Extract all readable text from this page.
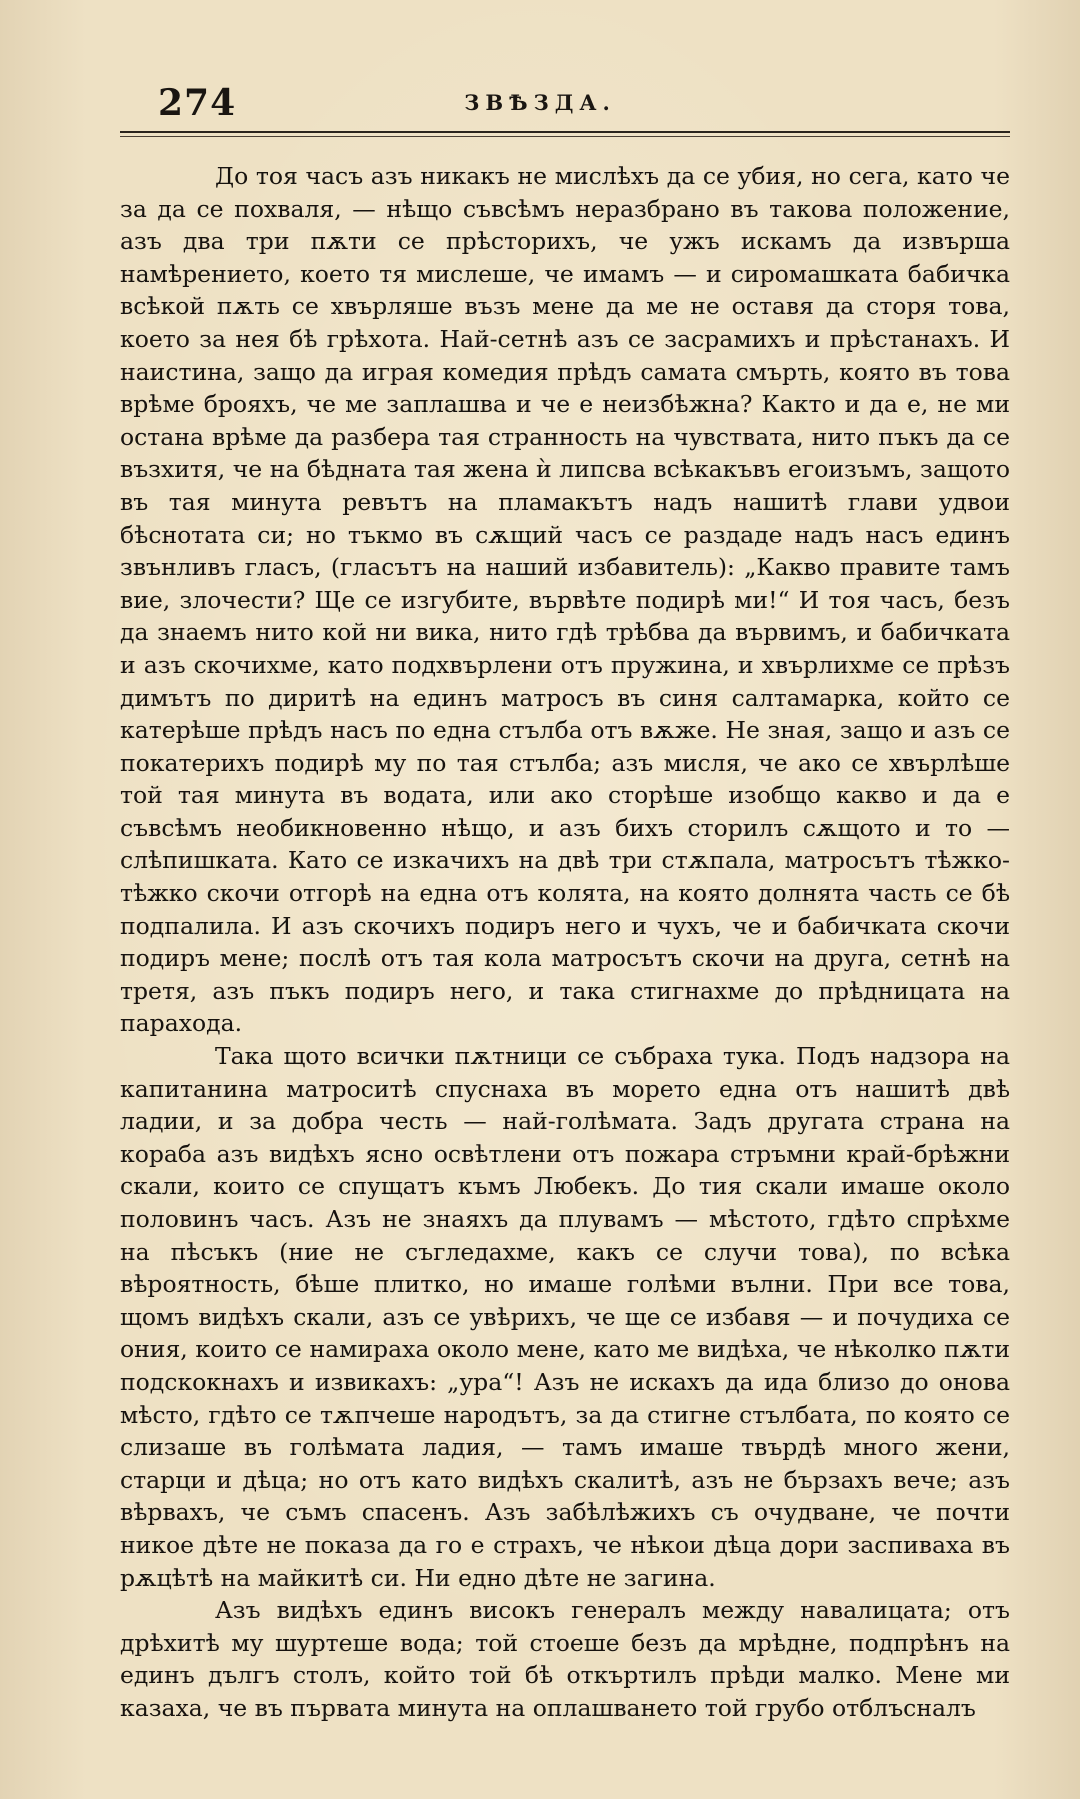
274	ЗВѢЗДА.

До тоя часъ азъ никакъ не мислѣхъ да се убия, но сега, като че за да се похваля, — нѣщо съвсѣмъ неразбрано въ такова положение, азъ два три пѫти се прѣсторихъ, че ужъ искамъ да извърша намѣрението, което тя мислеше, че имамъ — и сиромашката бабичка всѣкой пѫть се хвърляше възъ мене да ме не оставя да сторя това, което за нея бѣ грѣхота. Най-сетнѣ азъ се засрамихъ и прѣстанахъ. И наистина, защо да играя комедия прѣдъ самата смърть, която въ това врѣме брояхъ, че ме заплашва и че е неизбѣжна? Както и да е, не ми остана врѣме да разбера тая странность на чувствата, нито пъкъ да се възхитя, че на бѣдната тая жена ѝ липсва всѣкакъвъ егоизъмъ, защото въ тая минута ревътъ на пламакътъ надъ нашитѣ глави удвои бѣснотата си; но тъкмо въ сѫщий часъ се раздаде надъ насъ единъ звънливъ гласъ, (гласътъ на наший избавитель): „Какво правите тамъ вие, злочести? Ще се изгубите, вървѣте подирѣ ми!“ И тоя часъ, безъ да знаемъ нито кой ни вика, нито гдѣ трѣбва да вървимъ, и бабичката и азъ скочихме, като подхвърлени отъ пружина, и хвърлихме се прѣзъ димътъ по диритѣ на единъ матросъ въ синя салтамарка, който се катерѣше прѣдъ насъ по една стълба отъ вѫже. Не зная, защо и азъ се покатерихъ подирѣ му по тая стълба; азъ мисля, че ако се хвърлѣше той тая минута въ водата, или ако сторѣше изобщо какво и да е съвсѣмъ необикновенно нѣщо, и азъ бихъ сторилъ сѫщото и то — слѣпишката. Като се изкачихъ на двѣ три стѫпала, матросътъ тѣжко-тѣжко скочи отгорѣ на една отъ колята, на която долнята часть се бѣ подпалила. И азъ скочихъ подиръ него и чухъ, че и бабичката скочи подиръ мене; послѣ отъ тая кола матросътъ скочи на друга, сетнѣ на третя, азъ пъкъ подиръ него, и така стигнахме до прѣдницата на парахода.

Така щото всички пѫтници се събраха тука. Подъ надзора на капитанина матроситѣ спуснаха въ морето една отъ нашитѣ двѣ ладии, и за добра честь — най-голѣмата. Задъ другата страна на кораба азъ видѣхъ ясно освѣтлени отъ пожара стръмни край-брѣжни скали, които се спущатъ къмъ Любекъ. До тия скали имаше около половинъ часъ. Азъ не знаяхъ да плувамъ — мѣстото, гдѣто спрѣхме на пѣсъкъ (ние не съгледахме, какъ се случи това), по всѣка вѣроятность, бѣше плитко, но имаше голѣми вълни. При все това, щомъ видѣхъ скали, азъ се увѣрихъ, че ще се избавя — и почудиха се ония, които се намираха около мене, като ме видѣха, че нѣколко пѫти подскокнахъ и извикахъ: „ура“! Азъ не искахъ да ида близо до онова мѣсто, гдѣто се тѫпчеше народътъ, за да стигне стълбата, по която се слизаше въ голѣмата ладия, — тамъ имаше твърдѣ много жени, старци и дѣца; но отъ като видѣхъ скалитѣ, азъ не бързахъ вече; азъ вѣрвахъ, че съмъ спасенъ. Азъ забѣлѣжихъ съ очудване, че почти никое дѣте не показа да го е страхъ, че нѣкои дѣца дори заспиваха въ рѫцѣтѣ на майкитѣ си. Ни едно дѣте не загина.

Азъ видѣхъ единъ високъ генералъ между навалицата; отъ дрѣхитѣ му шуртеше вода; той стоеше безъ да мрѣдне, подпрѣнъ на единъ дългъ столъ, който той бѣ откъртилъ прѣди малко. Мене ми казаха, че въ първата минута на оплашването той грубо отблъсналъ
